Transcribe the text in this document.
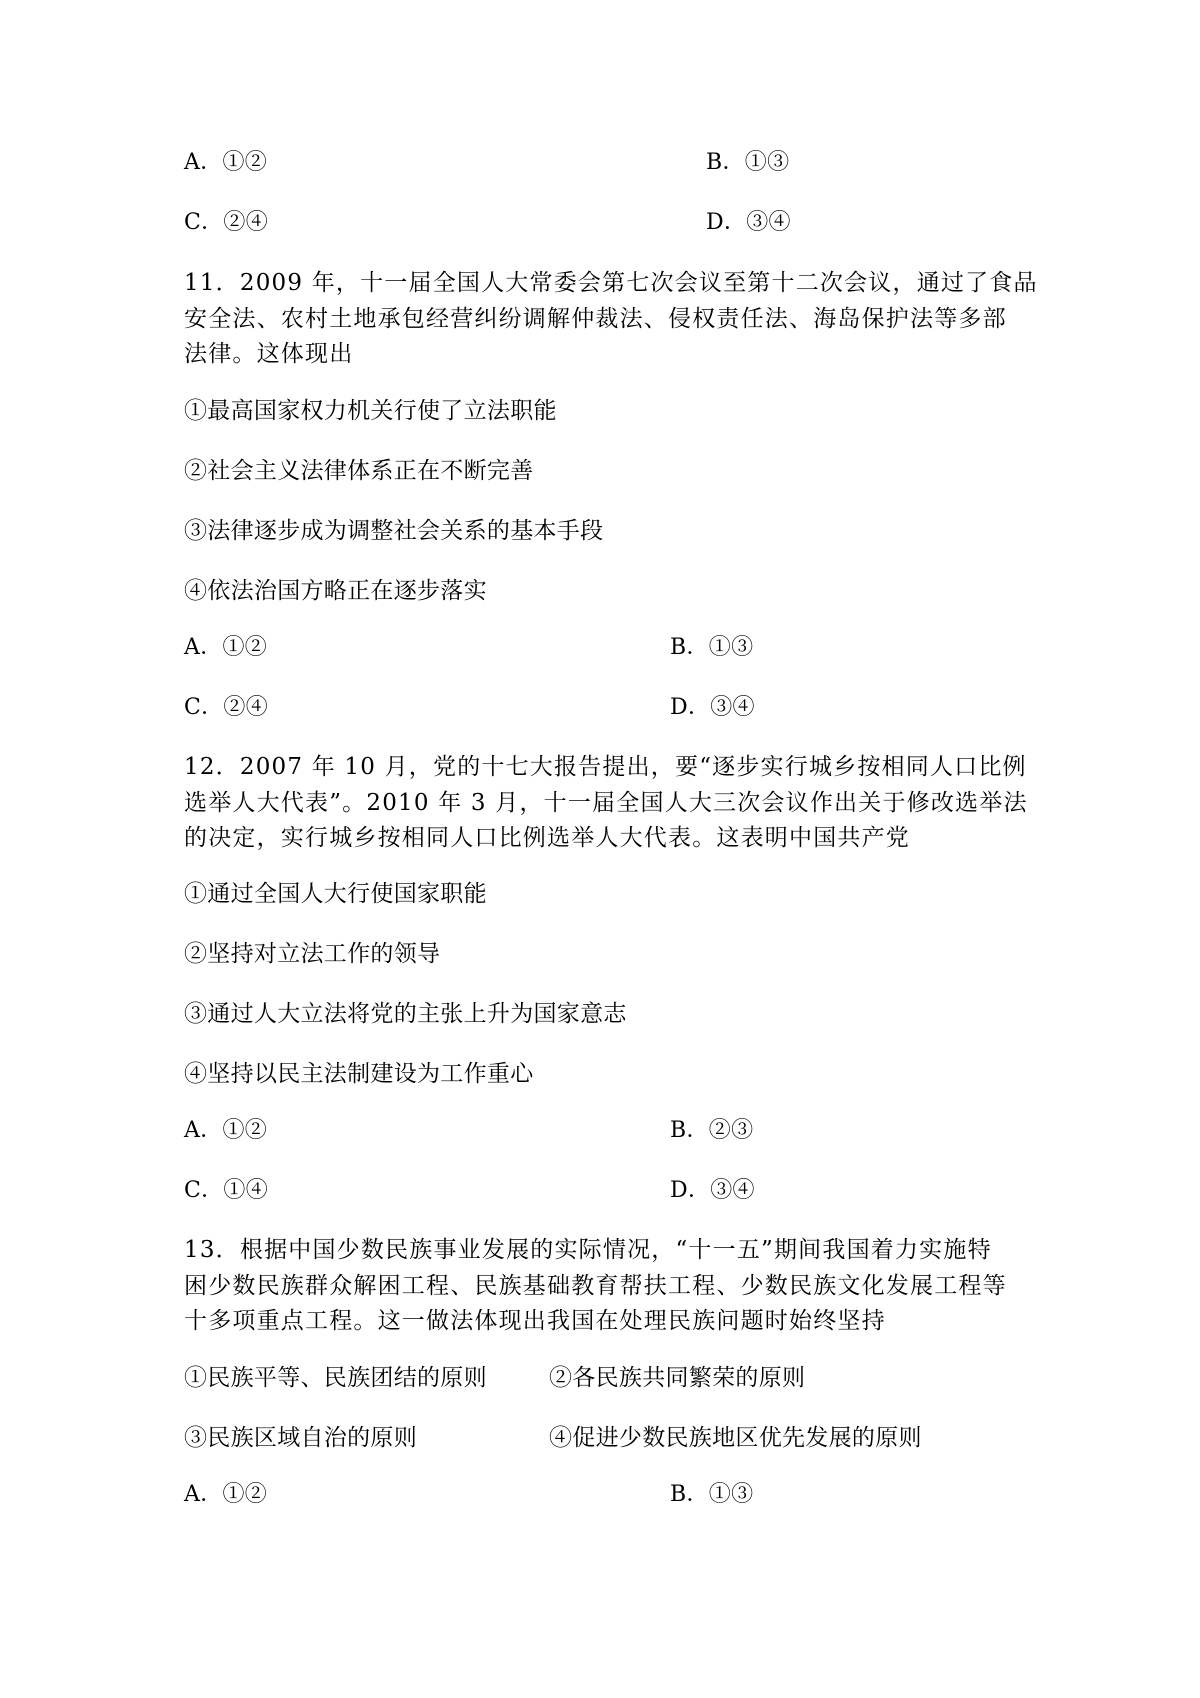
A．①②	B．①③
C．②④	D．③④
11．2009 年，十一届全国人大常委会第七次会议至第十二次会议，通过了食品
安全法、农村土地承包经营纠纷调解仲裁法、侵权责任法、海岛保护法等多部
法律。这体现出
①最高国家权力机关行使了立法职能
②社会主义法律体系正在不断完善
③法律逐步成为调整社会关系的基本手段
④依法治国方略正在逐步落实
A．①②	B．①③
C．②④	D．③④
12．2007 年 10 月，党的十七大报告提出，要“逐步实行城乡按相同人口比例
选举人大代表”。2010 年 3 月，十一届全国人大三次会议作出关于修改选举法
的决定，实行城乡按相同人口比例选举人大代表。这表明中国共产党
①通过全国人大行使国家职能
②坚持对立法工作的领导
③通过人大立法将党的主张上升为国家意志
④坚持以民主法制建设为工作重心
A．①②	B．②③
C．①④	D．③④
13．根据中国少数民族事业发展的实际情况，“十一五”期间我国着力实施特
困少数民族群众解困工程、民族基础教育帮扶工程、少数民族文化发展工程等
十多项重点工程。这一做法体现出我国在处理民族问题时始终坚持
①民族平等、民族团结的原则	②各民族共同繁荣的原则
③民族区域自治的原则	④促进少数民族地区优先发展的原则
A．①②	B．①③
